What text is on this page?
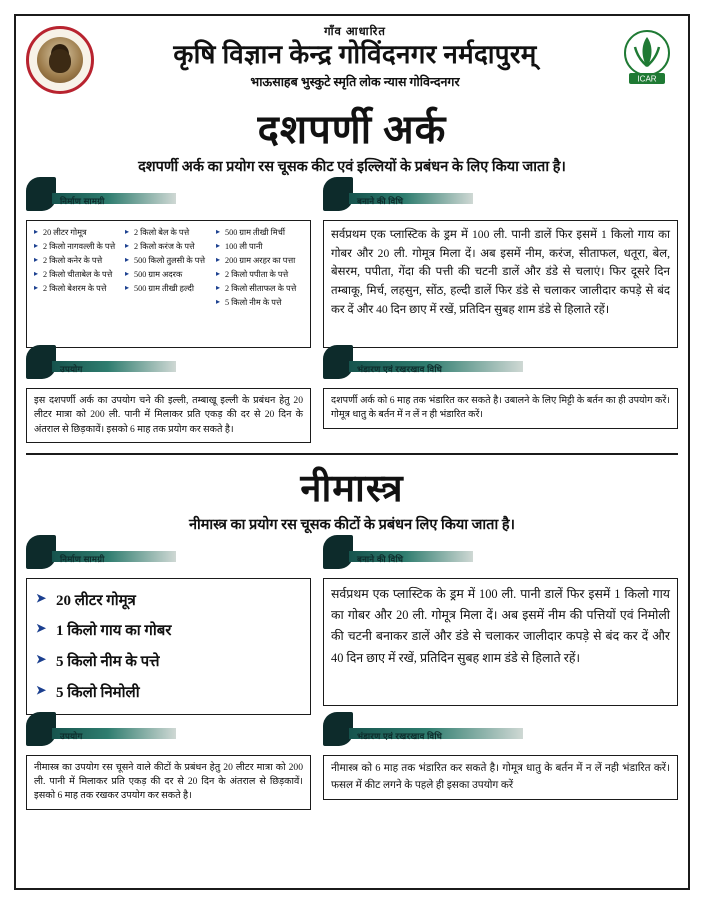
गाँव आधारित
कृषि विज्ञान केन्द्र गोविंदनगर नर्मदापुरम्
भाऊसाहब भुस्कुटे स्मृति लोक न्यास गोविन्दनगर	ICAR
दशपर्णी अर्क
दशपर्णी अर्क का प्रयोग रस चूसक कीट एवं इल्लियों के प्रबंधन के लिए किया जाता है।
निर्माण सामग्री
▸ 20 लीटर गोमूत्र
▸ 2 किलो नागवल्ली के पत्ते
▸ 2 किलो कनेर के पत्ते
▸ 2 किलो चीताबेल के पत्ते
▸ 2 किलो बेशरम के पत्ते
▸ 2 किलो बेल के पत्ते
▸ 2 किलो करंज के पत्ते
▸ 500 किलो तुलसी के पत्ते
▸ 500 ग्राम अदरक
▸ 500 ग्राम तीखी हल्दी
▸ 500 ग्राम तीखी मिर्ची
▸ 100 ली पानी
▸ 200 ग्राम अरहर का पत्ता
▸ 2 किलो पपीता के पत्ते
▸ 2 किलो सीताफल के पत्ते
▸ 5 किलो नीम के पत्ते
बनाने की विधि
सर्वप्रथम एक प्लास्टिक के ड्रम में 100 ली. पानी डालें फिर इसमें 1 किलो गाय का गोबर और 20 ली. गोमूत्र मिला दें। अब इसमें नीम, करंज, सीताफल, धतूरा, बेल, बेसरम, पपीता, गेंदा की पत्ती की चटनी डालें और डंडे से चलाएं। फिर दूसरे दिन तम्बाकू, मिर्च, लहसुन, सोंठ, हल्दी डालें फिर डंडे से चलाकर जालीदार कपड़े से बंद कर दें और 40 दिन छाए में रखें, प्रतिदिन सुबह शाम डंडे से हिलाते रहें।
उपयोग
इस दशपर्णी अर्क का उपयोग चने की इल्ली, तम्बाखू इल्ली के प्रबंधन हेतु 20 लीटर मात्रा को 200 ली. पानी में मिलाकर प्रति एकड़ की दर से 20 दिन के अंतराल से छिड़कावें। इसको 6 माह तक प्रयोग कर सकते है।
भंडारण एवं रखरखाव विधि
दशपर्णी अर्क को 6 माह तक भंडारित कर सकते है। उबालने के लिए मिट्टी के बर्तन का ही उपयोग करें। गोमूत्र धातु के बर्तन में न लें न ही भंडारित करें।
नीमास्त्र
नीमास्त्र का प्रयोग रस चूसक कीटों के प्रबंधन लिए किया जाता है।
निर्माण सामग्री
➤ 20 लीटर गोमूत्र
➤ 1 किलो गाय का गोबर
➤ 5 किलो नीम के पत्ते
➤ 5 किलो निमोली
बनाने की विधि
सर्वप्रथम एक प्लास्टिक के ड्रम में 100 ली. पानी डालें फिर इसमें 1 किलो गाय का गोबर और 20 ली. गोमूत्र मिला दें। अब इसमें नीम की पत्तियों एवं निमोली की चटनी बनाकर डालें और डंडे से चलाकर जालीदार कपड़े से बंद कर दें और 40 दिन छाए में रखें, प्रतिदिन सुबह शाम डंडे से हिलाते रहें।
उपयोग
नीमास्त्र का उपयोग रस चूसने वाले कीटों के प्रबंधन हेतु 20 लीटर मात्रा को 200 ली. पानी में मिलाकर प्रति एकड़ की दर से 20 दिन के अंतराल से छिड़कावें। इसको 6 माह तक रखकर उपयोग कर सकते है।
भंडारण एवं रखरखाव विधि
नीमास्त्र को 6 माह तक भंडारित कर सकते है। गोमूत्र धातु के बर्तन में न लें नही भंडारित करें। फसल में कीट लगने के पहले ही इसका उपयोग करें
